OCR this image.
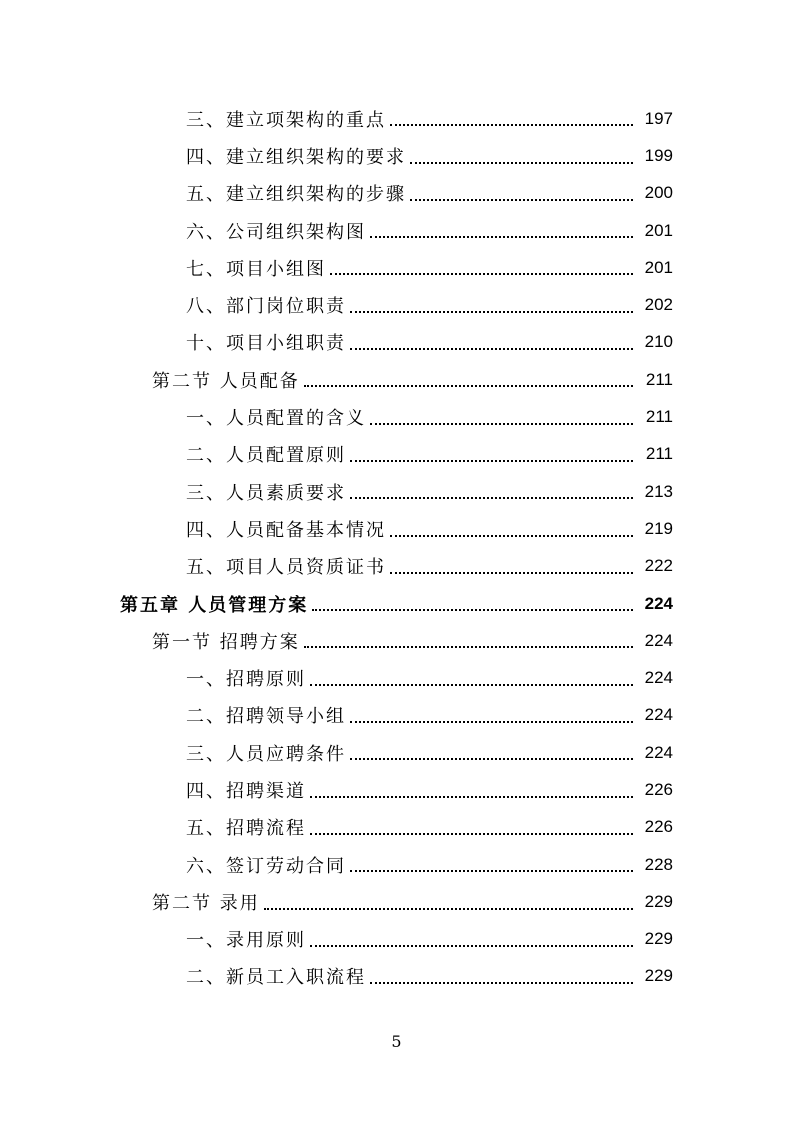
三、建立项架构的重点	197
四、建立组织架构的要求	199
五、建立组织架构的步骤	200
六、公司组织架构图	201
七、项目小组图	201
八、部门岗位职责	202
十、项目小组职责	210
第二节 人员配备	211
一、人员配置的含义	211
二、人员配置原则	211
三、人员素质要求	213
四、人员配备基本情况	219
五、项目人员资质证书	222
第五章 人员管理方案	224
第一节 招聘方案	224
一、招聘原则	224
二、招聘领导小组	224
三、人员应聘条件	224
四、招聘渠道	226
五、招聘流程	226
六、签订劳动合同	228
第二节 录用	229
一、录用原则	229
二、新员工入职流程	229
5
